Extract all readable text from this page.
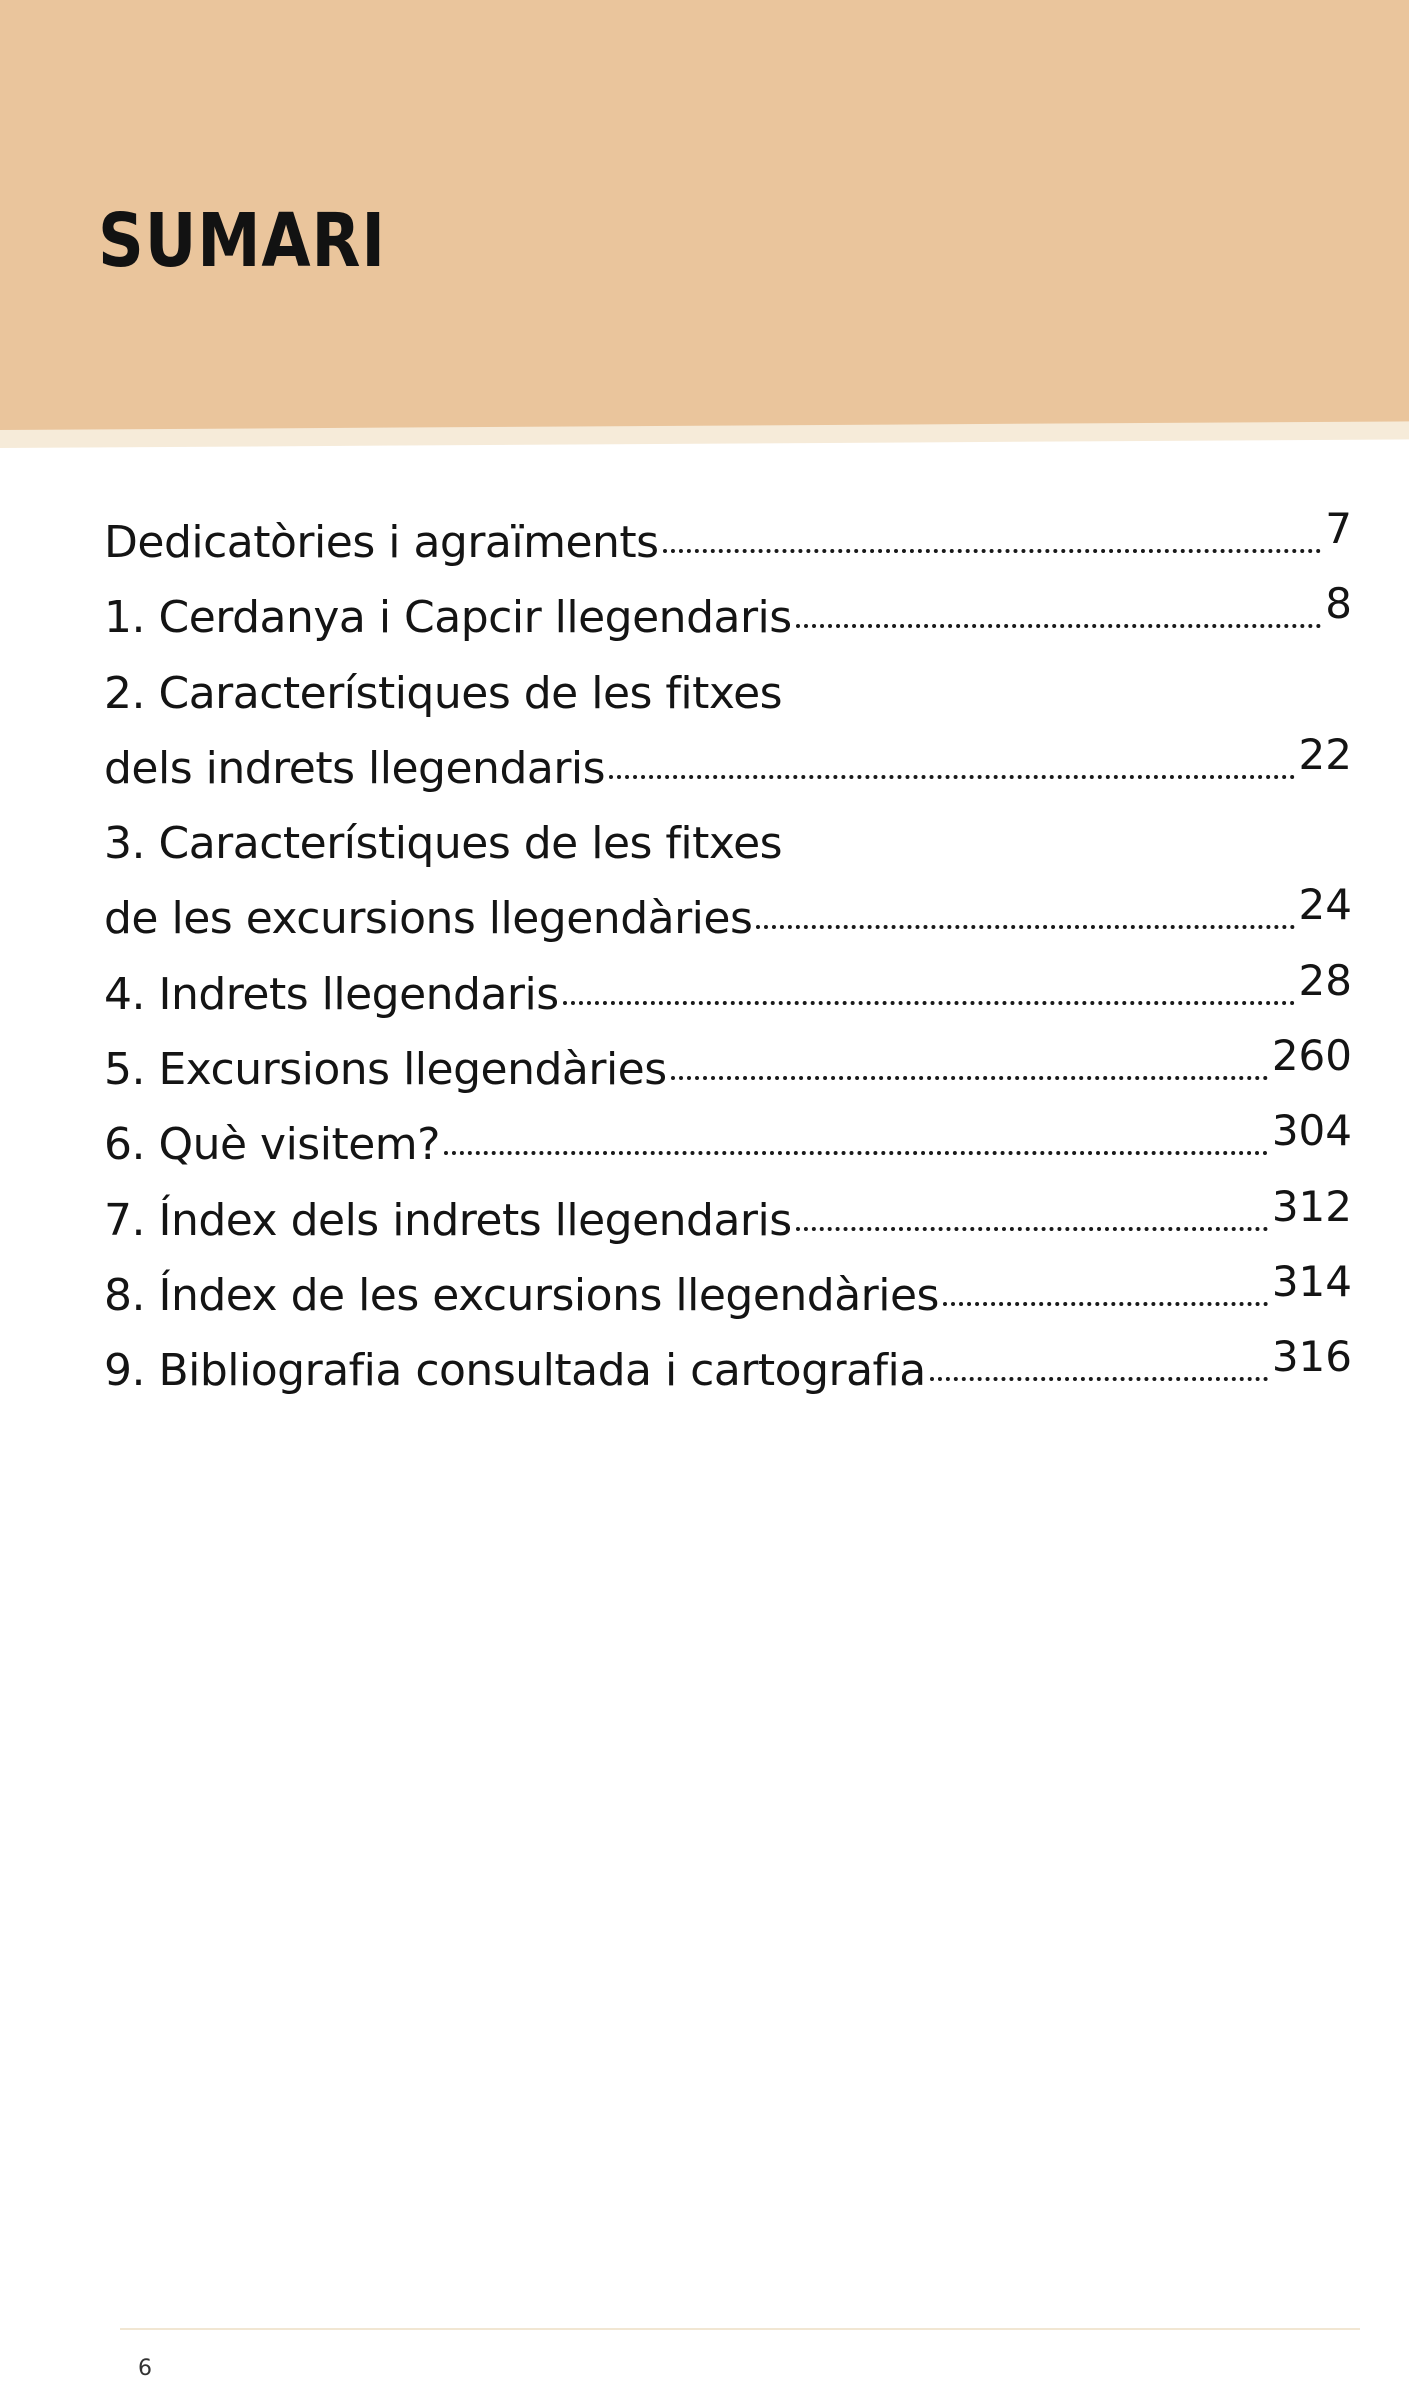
SUMARI
Dedicatòries i agraïments	7
1. Cerdanya i Capcir llegendaris	8
2. Característiques de les fitxes
dels indrets llegendaris	22
3. Característiques de les fitxes
de les excursions llegendàries	24
4. Indrets llegendaris	28
5. Excursions llegendàries	260
6. Què visitem?	304
7. Índex dels indrets llegendaris	312
8. Índex de les excursions llegendàries	314
9. Bibliografia consultada i cartografia	316
6
